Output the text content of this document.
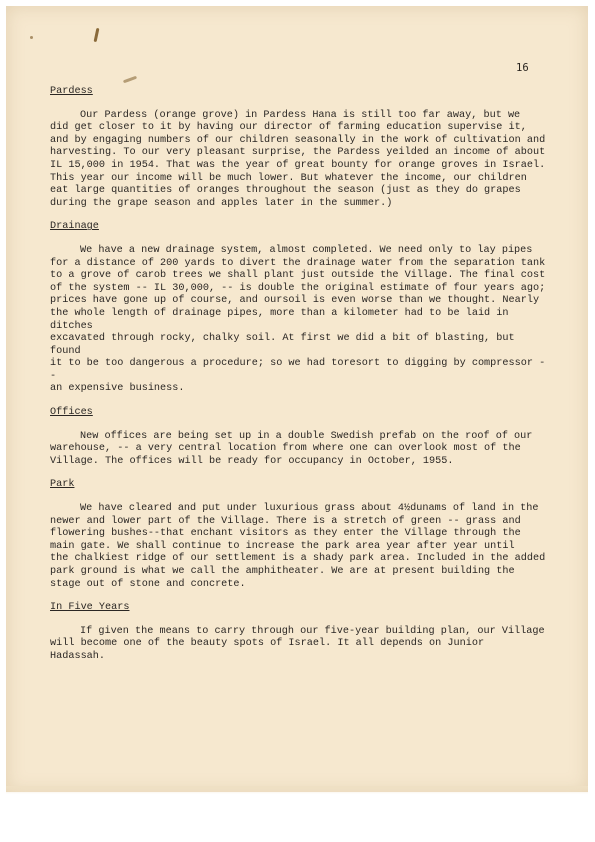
16
Pardess

Our Pardess (orange grove) in Pardess Hana is still too far away, but we
did get closer to it by having our director of farming education supervise it,
and by engaging numbers of our children seasonally in the work of cultivation and
harvesting. To our very pleasant surprise, the Pardess yeilded an income of about
IL 15,000 in 1954. That was the year of great bounty for orange groves in Israel.
This year our income will be much lower. But whatever the income, our children
eat large quantities of oranges throughout the season (just as they do grapes
during the grape season and apples later in the summer.)

Drainage

We have a new drainage system, almost completed. We need only to lay pipes
for a distance of 200 yards to divert the drainage water from the separation tank
to a grove of carob trees we shall plant just outside the Village. The final cost
of the system -- IL 30,000, -- is double the original estimate of four years ago;
prices have gone up of course, and oursoil is even worse than we thought. Nearly
the whole length of drainage pipes, more than a kilometer had to be laid in ditches
excavated through rocky, chalky soil. At first we did a bit of blasting, but found
it to be too dangerous a procedure; so we had toresort to digging by compressor --
an expensive business.

Offices

New offices are being set up in a double Swedish prefab on the roof of our
warehouse, -- a very central location from where one can overlook most of the
Village. The offices will be ready for occupancy in October, 1955.

Park

We have cleared and put under luxurious grass about 4½dunams of land in the
newer and lower part of the Village. There is a stretch of green -- grass and
flowering bushes--that enchant visitors as they enter the Village through the
main gate. We shall continue to increase the park area year after year until
the chalkiest ridge of our settlement is a shady park area. Included in the added
park ground is what we call the amphitheater. We are at present building the
stage out of stone and concrete.

In Five Years

If given the means to carry through our five-year building plan, our Village
will become one of the beauty spots of Israel. It all depends on Junior
Hadassah.
